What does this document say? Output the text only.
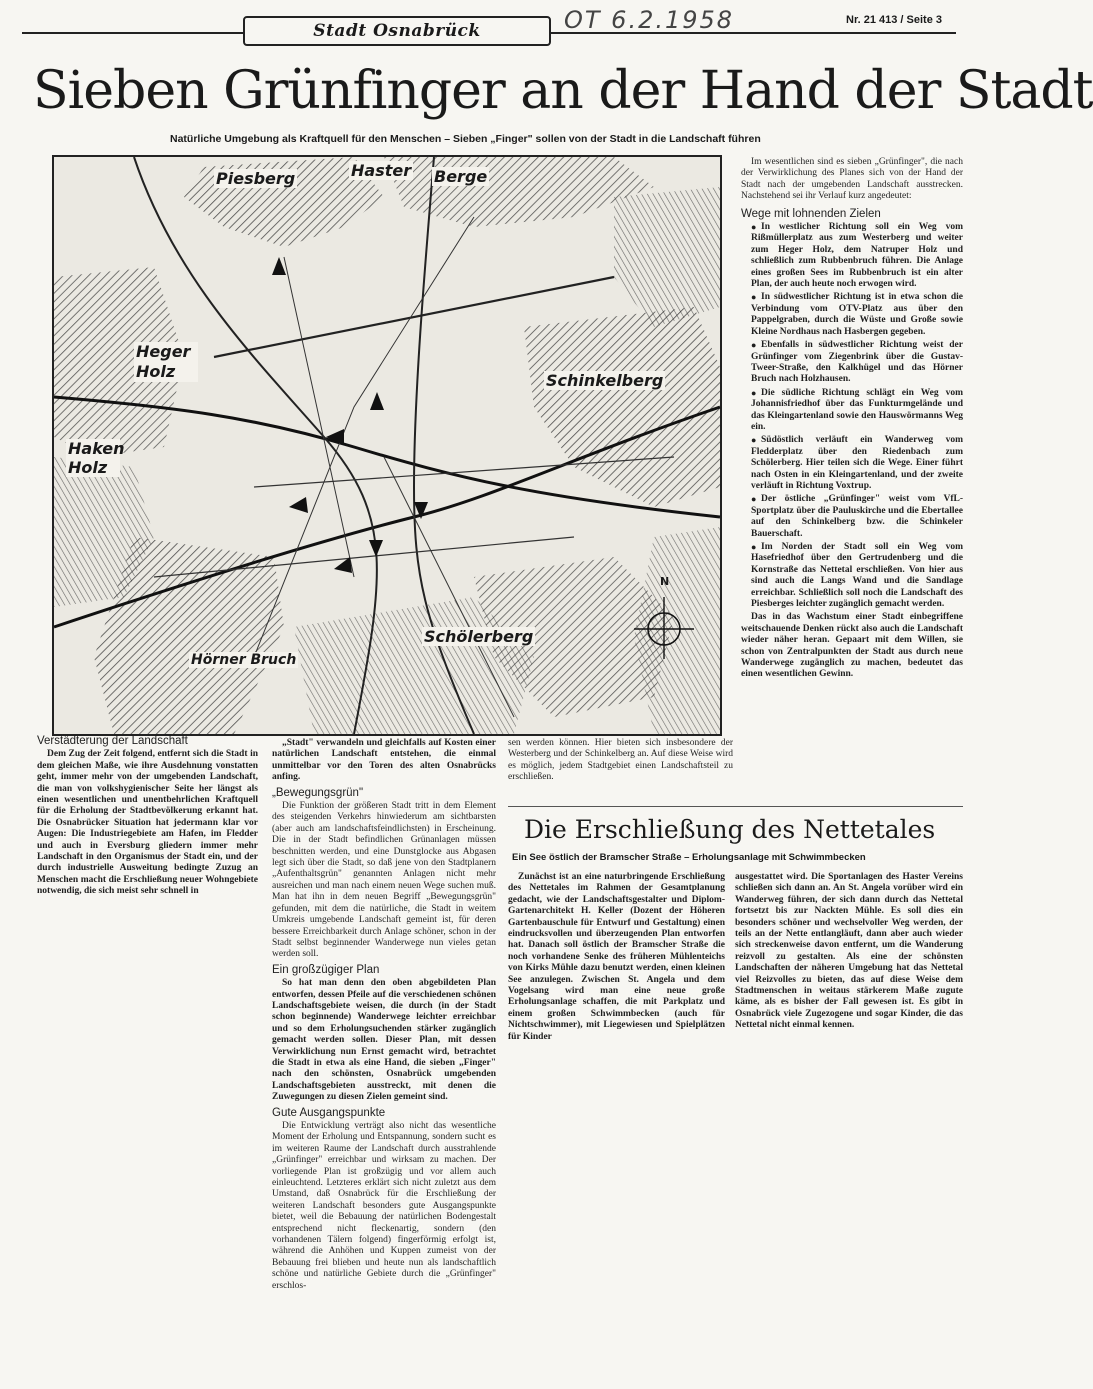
Stadt Osnabrück	OT 6.2.1958	Nr. 21 413 / Seite 3
Sieben Grünfinger an der Hand der Stadt
Natürliche Umgebung als Kraftquell für den Menschen – Sieben „Finger" sollen von der Stadt in die Landschaft führen
Piesberg	Haster Berge
Heger Holz
Haken Holz
Schinkelberg
Schölerberg
Hörner Bruch
N

Im wesentlichen sind es sieben „Grünfinger", die nach der Verwirklichung des Planes sich von der Hand der Stadt nach der umgebenden Landschaft ausstrecken. Nachstehend sei ihr Verlauf kurz angedeutet:

Wege mit lohnenden Zielen

● In westlicher Richtung soll ein Weg vom Rißmüllerplatz aus zum Westerberg und weiter zum Heger Holz, dem Natruper Holz und schließlich zum Rubbenbruch führen. Die Anlage eines großen Sees im Rubbenbruch ist ein alter Plan, der auch heute noch erwogen wird.

● In südwestlicher Richtung ist in etwa schon die Verbindung vom OTV-Platz aus über den Pappelgraben, durch die Wüste und Große sowie Kleine Nordhaus nach Hasbergen gegeben.

● Ebenfalls in südwestlicher Richtung weist der Grünfinger vom Ziegenbrink über die Gustav-Tweer-Straße, den Kalkhügel und das Hörner Bruch nach Holzhausen.

● Die südliche Richtung schlägt ein Weg vom Johannisfriedhof über das Funkturmgelände und das Kleingartenland sowie den Hauswörmanns Weg ein.

● Südöstlich verläuft ein Wanderweg vom Fledderplatz über den Riedenbach zum Schölerberg. Hier teilen sich die Wege. Einer führt nach Osten in ein Kleingartenland, und der zweite verläuft in Richtung Voxtrup.

● Der östliche „Grünfinger" weist vom VfL-Sportplatz über die Pauluskirche und die Ebertallee auf den Schinkelberg bzw. die Schinkeler Bauerschaft.

● Im Norden der Stadt soll ein Weg vom Hasefriedhof über den Gertrudenberg und die Kornstraße das Nettetal erschließen. Von hier aus sind auch die Langs Wand und die Sandlage erreichbar. Schließlich soll noch die Landschaft des Piesberges leichter zugänglich gemacht werden.

Das in das Wachstum einer Stadt einbegriffene weitschauende Denken rückt also auch die Landschaft wieder näher heran. Gepaart mit dem Willen, sie schon von Zentralpunkten der Stadt aus durch neue Wanderwege zugänglich zu machen, bedeutet das einen wesentlichen Gewinn.

Verstädterung der Landschaft

Dem Zug der Zeit folgend, entfernt sich die Stadt in dem gleichen Maße, wie ihre Ausdehnung vonstatten geht, immer mehr von der umgebenden Landschaft, die man von volkshygienischer Seite her längst als einen wesentlichen und unentbehrlichen Kraftquell für die Erholung der Stadtbevölkerung erkannt hat. Die Osnabrücker Situation hat jedermann klar vor Augen: Die Industriegebiete am Hafen, im Fledder und auch in Eversburg gliedern immer mehr Landschaft in den Organismus der Stadt ein, und der durch industrielle Ausweitung bedingte Zuzug an Menschen macht die Erschließung neuer Wohngebiete notwendig, die sich meist sehr schnell in

„Stadt" verwandeln und gleichfalls auf Kosten einer natürlichen Landschaft entstehen, die einmal unmittelbar vor den Toren des alten Osnabrücks anfing.

„Bewegungsgrün"

Die Funktion der größeren Stadt tritt in dem Element des steigenden Verkehrs hinwiederum am sichtbarsten (aber auch am landschaftsfeindlichsten) in Erscheinung. Die in der Stadt befindlichen Grünanlagen müssen beschnitten werden, und eine Dunstglocke aus Abgasen legt sich über die Stadt, so daß jene von den Stadtplanern „Aufenthaltsgrün" genannten Anlagen nicht mehr ausreichen und man nach einem neuen Wege suchen muß. Man hat ihn in dem neuen Begriff „Bewegungsgrün" gefunden, mit dem die natürliche, die Stadt in weitem Umkreis umgebende Landschaft gemeint ist, für deren bessere Erreichbarkeit durch Anlage schöner, schon in der Stadt selbst beginnender Wanderwege nun vieles getan werden soll.

Ein großzügiger Plan

So hat man denn den oben abgebildeten Plan entworfen, dessen Pfeile auf die verschiedenen schönen Landschaftsgebiete weisen, die durch (in der Stadt schon beginnende) Wanderwege leichter erreichbar und so dem Erholungsuchenden stärker zugänglich gemacht werden sollen. Dieser Plan, mit dessen Verwirklichung nun Ernst gemacht wird, betrachtet die Stadt in etwa als eine Hand, die sieben „Finger" nach den schönsten, Osnabrück umgebenden Landschaftsgebieten ausstreckt, mit denen die Zuwegungen zu diesen Zielen gemeint sind.

Gute Ausgangspunkte

Die Entwicklung verträgt also nicht das wesentliche Moment der Erholung und Entspannung, sondern sucht es im weiteren Raume der Landschaft durch ausstrahlende „Grünfinger" erreichbar und wirksam zu machen. Der vorliegende Plan ist großzügig und vor allem auch einleuchtend. Letzteres erklärt sich nicht zuletzt aus dem Umstand, daß Osnabrück für die Erschließung der weiteren Landschaft besonders gute Ausgangspunkte bietet, weil die Bebauung der natürlichen Bodengestalt entsprechend nicht fleckenartig, sondern (den vorhandenen Tälern folgend) fingerförmig erfolgt ist, während die Anhöhen und Kuppen zumeist von der Bebauung frei blieben und heute nun als landschaftlich schöne und natürliche Gebiete durch die „Grünfinger" erschlos-

sen werden können. Hier bieten sich insbesondere der Westerberg und der Schinkelberg an. Auf diese Weise wird es möglich, jedem Stadtgebiet einen Landschaftsteil zu erschließen.

Die Erschließung des Nettetales
Ein See östlich der Bramscher Straße – Erholungsanlage mit Schwimmbecken

Zunächst ist an eine naturbringende Erschließung des Nettetales im Rahmen der Gesamtplanung gedacht, wie der Landschaftsgestalter und Diplom-Gartenarchitekt H. Keller (Dozent der Höheren Gartenbauschule für Entwurf und Gestaltung) einen eindrucksvollen und überzeugenden Plan entworfen hat. Danach soll östlich der Bramscher Straße die noch vorhandene Senke des früheren Mühlenteichs von Kirks Mühle dazu benutzt werden, einen kleinen See anzulegen. Zwischen St. Angela und dem Vogelsang wird man eine neue große Erholungsanlage schaffen, die mit Parkplatz und einem großen Schwimmbecken (auch für Nichtschwimmer), mit Liegewiesen und Spielplätzen für Kinder

ausgestattet wird. Die Sportanlagen des Haster Vereins schließen sich dann an. An St. Angela vorüber wird ein Wanderweg führen, der sich dann durch das Nettetal fortsetzt bis zur Nackten Mühle. Es soll dies ein besonders schöner und wechselvoller Weg werden, der teils an der Nette entlangläuft, dann aber auch wieder sich streckenweise davon entfernt, um die Wanderung reizvoll zu gestalten. Als eine der schönsten Landschaften der näheren Umgebung hat das Nettetal viel Reizvolles zu bieten, das auf diese Weise dem Stadtmenschen in weitaus stärkerem Maße zugute käme, als es bisher der Fall gewesen ist. Es gibt in Osnabrück viele Zugezogene und sogar Kinder, die das Nettetal nicht einmal kennen.
